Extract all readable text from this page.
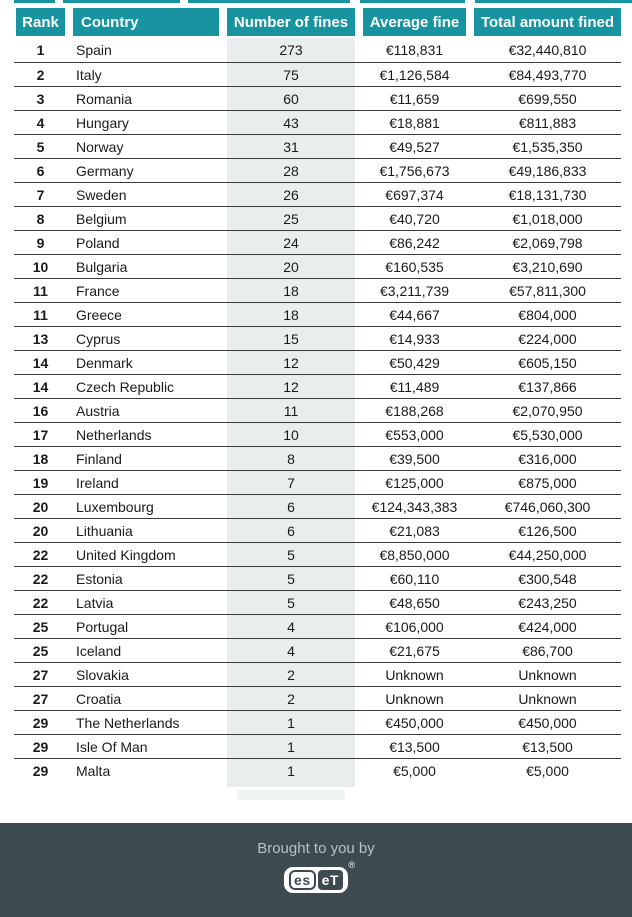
Rank	Country	Number of fines	Average fine	Total amount fined
1	Spain	273	€118,831	€32,440,810
2	Italy	75	€1,126,584	€84,493,770
3	Romania	60	€11,659	€699,550
4	Hungary	43	€18,881	€811,883
5	Norway	31	€49,527	€1,535,350
6	Germany	28	€1,756,673	€49,186,833
7	Sweden	26	€697,374	€18,131,730
8	Belgium	25	€40,720	€1,018,000
9	Poland	24	€86,242	€2,069,798
10	Bulgaria	20	€160,535	€3,210,690
11	France	18	€3,211,739	€57,811,300
11	Greece	18	€44,667	€804,000
13	Cyprus	15	€14,933	€224,000
14	Denmark	12	€50,429	€605,150
14	Czech Republic	12	€11,489	€137,866
16	Austria	11	€188,268	€2,070,950
17	Netherlands	10	€553,000	€5,530,000
18	Finland	8	€39,500	€316,000
19	Ireland	7	€125,000	€875,000
20	Luxembourg	6	€124,343,383	€746,060,300
20	Lithuania	6	€21,083	€126,500
22	United Kingdom	5	€8,850,000	€44,250,000
22	Estonia	5	€60,110	€300,548
22	Latvia	5	€48,650	€243,250
25	Portugal	4	€106,000	€424,000
25	Iceland	4	€21,675	€86,700
27	Slovakia	2	Unknown	Unknown
27	Croatia	2	Unknown	Unknown
29	The Netherlands	1	€450,000	€450,000
29	Isle Of Man	1	€13,500	€13,500
29	Malta	1	€5,000	€5,000
Brought to you by
es eT
®
